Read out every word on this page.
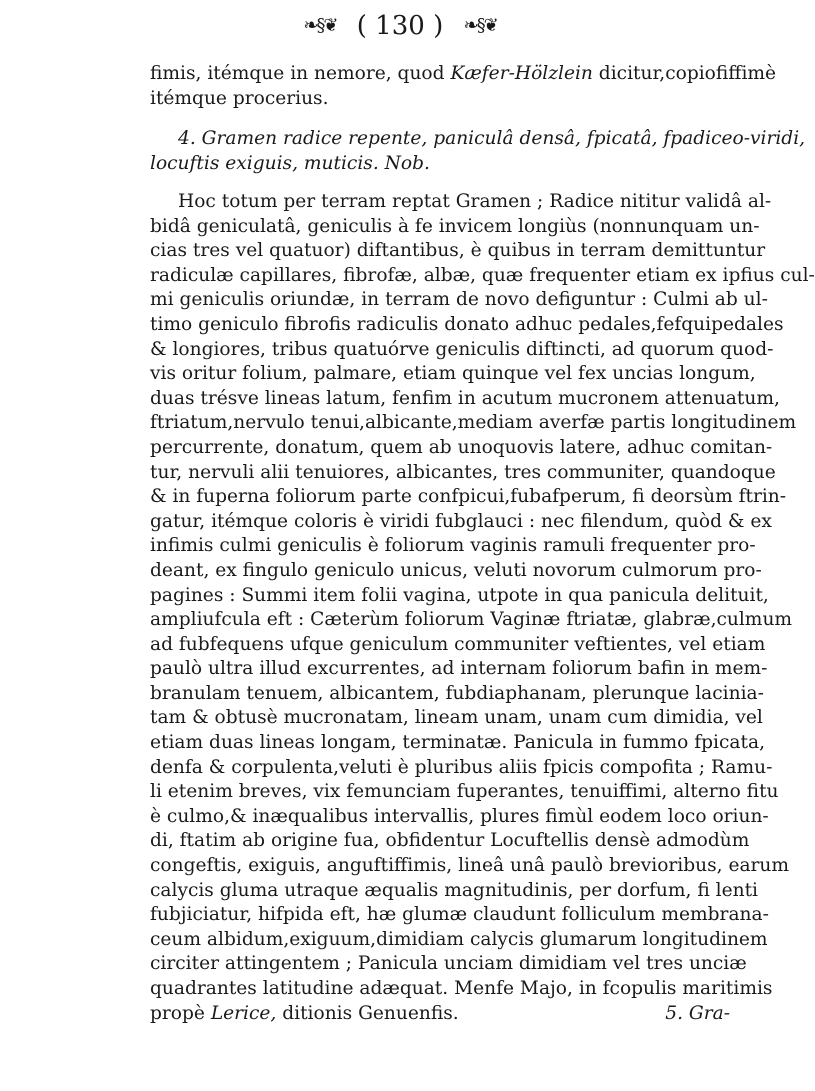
❧§❦ ( 130 ) ❧§❦
fimis, itémque in nemore, quod Kæfer-Hölzlein dicitur,copiofiffimè
itémque procerius.
4. Gramen radice repente, paniculâ densâ, fpicatâ, fpadiceo-viridi,
locuftis exiguis, muticis. Nob.
Hoc totum per terram reptat Gramen ; Radice nititur validâ al-
bidâ geniculatâ, geniculis à fe invicem longiùs (nonnunquam un-
cias tres vel quatuor) diftantibus, è quibus in terram demittuntur
radiculæ capillares, fibrofæ, albæ, quæ frequenter etiam ex ipfius cul-
mi geniculis oriundæ, in terram de novo defiguntur : Culmi ab ul-
timo geniculo fibrofis radiculis donato adhuc pedales,fefquipedales
& longiores, tribus quatuórve geniculis diftincti, ad quorum quod-
vis oritur folium, palmare, etiam quinque vel fex uncias longum,
duas trésve lineas latum, fenfim in acutum mucronem attenuatum,
ftriatum,nervulo tenui,albicante,mediam averfæ partis longitudinem
percurrente, donatum, quem ab unoquovis latere, adhuc comitan-
tur, nervuli alii tenuiores, albicantes, tres communiter, quandoque
& in fuperna foliorum parte confpicui,fubafperum, fi deorsùm ftrin-
gatur, itémque coloris è viridi fubglauci : nec filendum, quòd & ex
infimis culmi geniculis è foliorum vaginis ramuli frequenter pro-
deant, ex fingulo geniculo unicus, veluti novorum culmorum pro-
pagines : Summi item folii vagina, utpote in qua panicula delituit,
ampliufcula eft : Cæterùm foliorum Vaginæ ftriatæ, glabræ,culmum
ad fubfequens ufque geniculum communiter veftientes, vel etiam
paulò ultra illud excurrentes, ad internam foliorum bafin in mem-
branulam tenuem, albicantem, fubdiaphanam, plerunque lacinia-
tam & obtusè mucronatam, lineam unam, unam cum dimidia, vel
etiam duas lineas longam, terminatæ. Panicula in fummo fpicata,
denfa & corpulenta,veluti è pluribus aliis fpicis compofita ; Ramu-
li etenim breves, vix femunciam fuperantes, tenuiffimi, alterno fitu
è culmo,& inæqualibus intervallis, plures fimùl eodem loco oriun-
di, ftatim ab origine fua, obfidentur Locuftellis densè admodùm
congeftis, exiguis, anguftiffimis, lineâ unâ paulò brevioribus, earum
calycis gluma utraque æqualis magnitudinis, per dorfum, fi lenti
fubjiciatur, hifpida eft, hæ glumæ claudunt folliculum membrana-
ceum albidum,exiguum,dimidiam calycis glumarum longitudinem
circiter attingentem ; Panicula unciam dimidiam vel tres unciæ
quadrantes latitudine adæquat. Menfe Majo, in fcopulis maritimis
propè Lerice, ditionis Genuenfis.	5. Gra-
